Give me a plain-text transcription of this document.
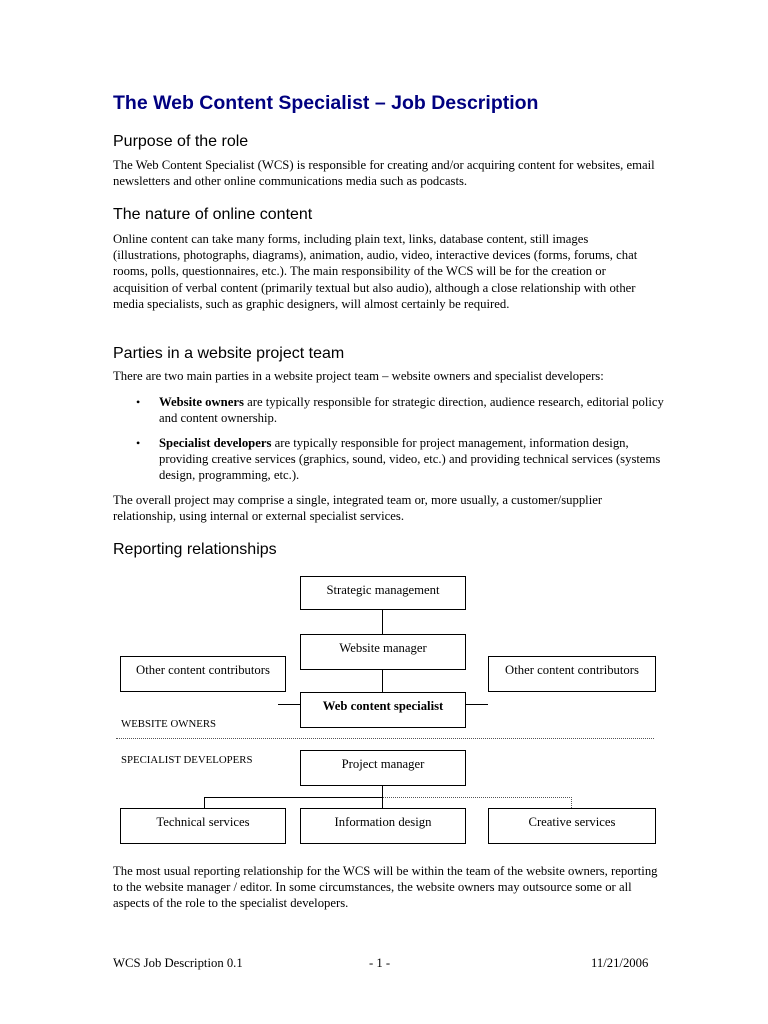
The Web Content Specialist – Job Description
Purpose of the role

The Web Content Specialist (WCS) is responsible for creating and/or acquiring content for websites, email newsletters and other online communications media such as podcasts.

The nature of online content

Online content can take many forms, including plain text, links, database content, still images (illustrations, photographs, diagrams), animation, audio, video, interactive devices (forms, forums, chat rooms, polls, questionnaires, etc.). The main responsibility of the WCS will be for the creation or acquisition of verbal content (primarily textual but also audio), although a close relationship with other media specialists, such as graphic designers, will almost certainly be required.

Parties in a website project team

There are two main parties in a website project team – website owners and specialist developers:

• Website owners are typically responsible for strategic direction, audience research, editorial policy and content ownership.
• Specialist developers are typically responsible for project management, information design, providing creative services (graphics, sound, video, etc.) and providing technical services (systems design, programming, etc.).

The overall project may comprise a single, integrated team or, more usually, a customer/supplier relationship, using internal or external specialist services.

Reporting relationships
WEBSITE OWNERS
SPECIALIST DEVELOPERS
Strategic management
Website manager
Other content contributors	Other content contributors
Web content specialist
Project manager
Technical services	Information design	Creative services

The most usual reporting relationship for the WCS will be within the team of the website owners, reporting to the website manager / editor. In some circumstances, the website owners may outsource some or all aspects of the role to the specialist developers.

WCS Job Description 0.1	- 1 -	11/21/2006
